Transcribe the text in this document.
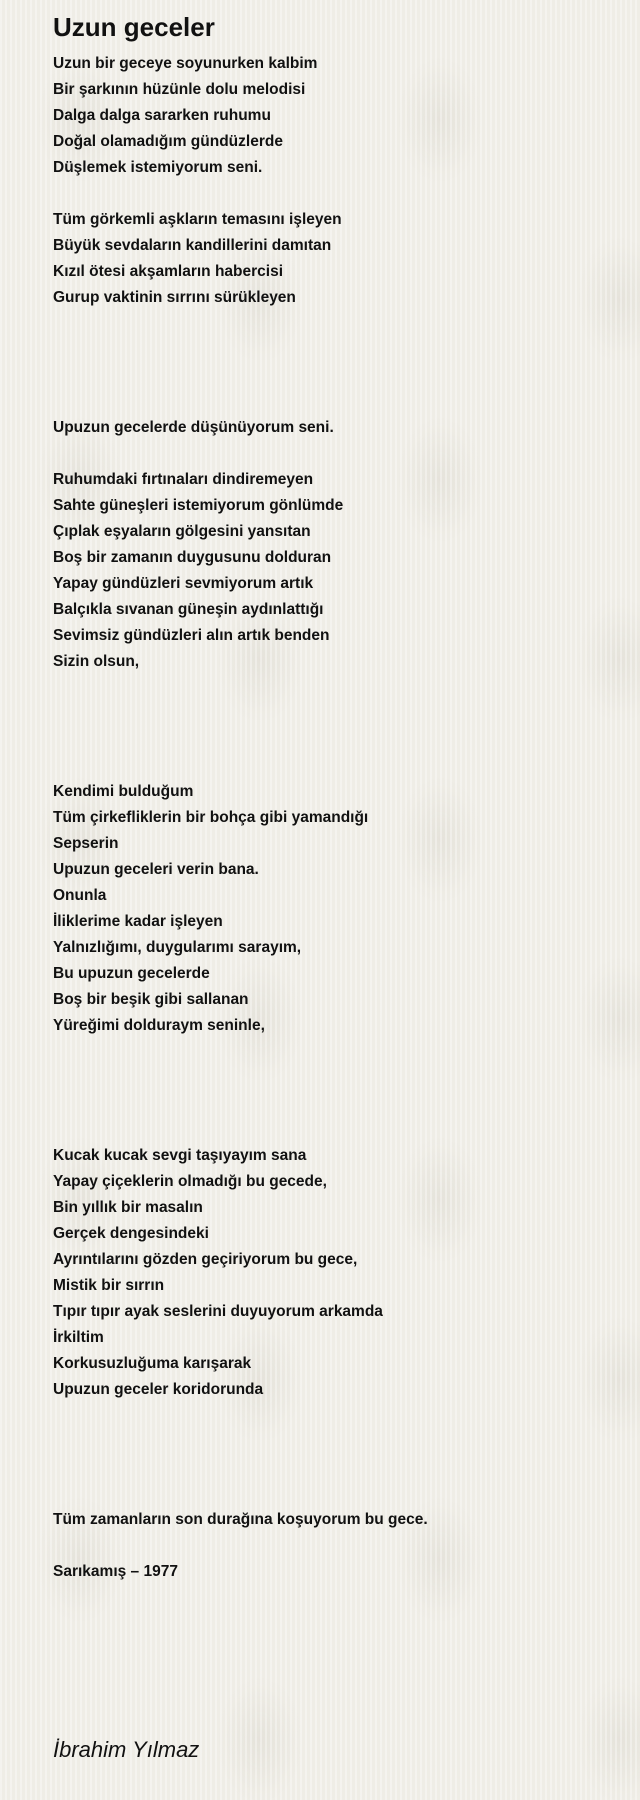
Uzun geceler
Uzun bir geceye soyunurken kalbim
Bir şarkının hüzünle dolu melodisi
Dalga dalga sararken ruhumu
Doğal olamadığım gündüzlerde
Düşlemek istemiyorum seni.
Tüm görkemli aşkların temasını işleyen
Büyük sevdaların kandillerini damıtan
Kızıl ötesi akşamların habercisi
Gurup vaktinin sırrını sürükleyen
Upuzun gecelerde düşünüyorum seni.
Ruhumdaki fırtınaları dindiremeyen
Sahte güneşleri istemiyorum gönlümde
Çıplak eşyaların gölgesini yansıtan
Boş bir zamanın duygusunu dolduran
Yapay gündüzleri sevmiyorum artık
Balçıkla sıvanan güneşin aydınlattığı
Sevimsiz gündüzleri alın artık benden
Sizin olsun,
Kendimi bulduğum
Tüm çirkefliklerin bir bohça gibi yamandığı
Sepserin
Upuzun geceleri verin bana.
Onunla
İliklerime kadar işleyen
Yalnızlığımı, duygularımı sarayım,
Bu upuzun gecelerde
Boş bir beşik gibi sallanan
Yüreğimi dolduraym seninle,
Kucak kucak sevgi taşıyayım sana
Yapay çiçeklerin olmadığı bu gecede,
Bin yıllık bir masalın
Gerçek dengesindeki
Ayrıntılarını gözden geçiriyorum bu gece,
Mistik bir sırrın
Tıpır tıpır ayak seslerini duyuyorum arkamda
İrkiltim
Korkusuzluğuma karışarak
Upuzun geceler koridorunda
Tüm zamanların son durağına koşuyorum bu gece.
Sarıkamış – 1977
İbrahim Yılmaz
